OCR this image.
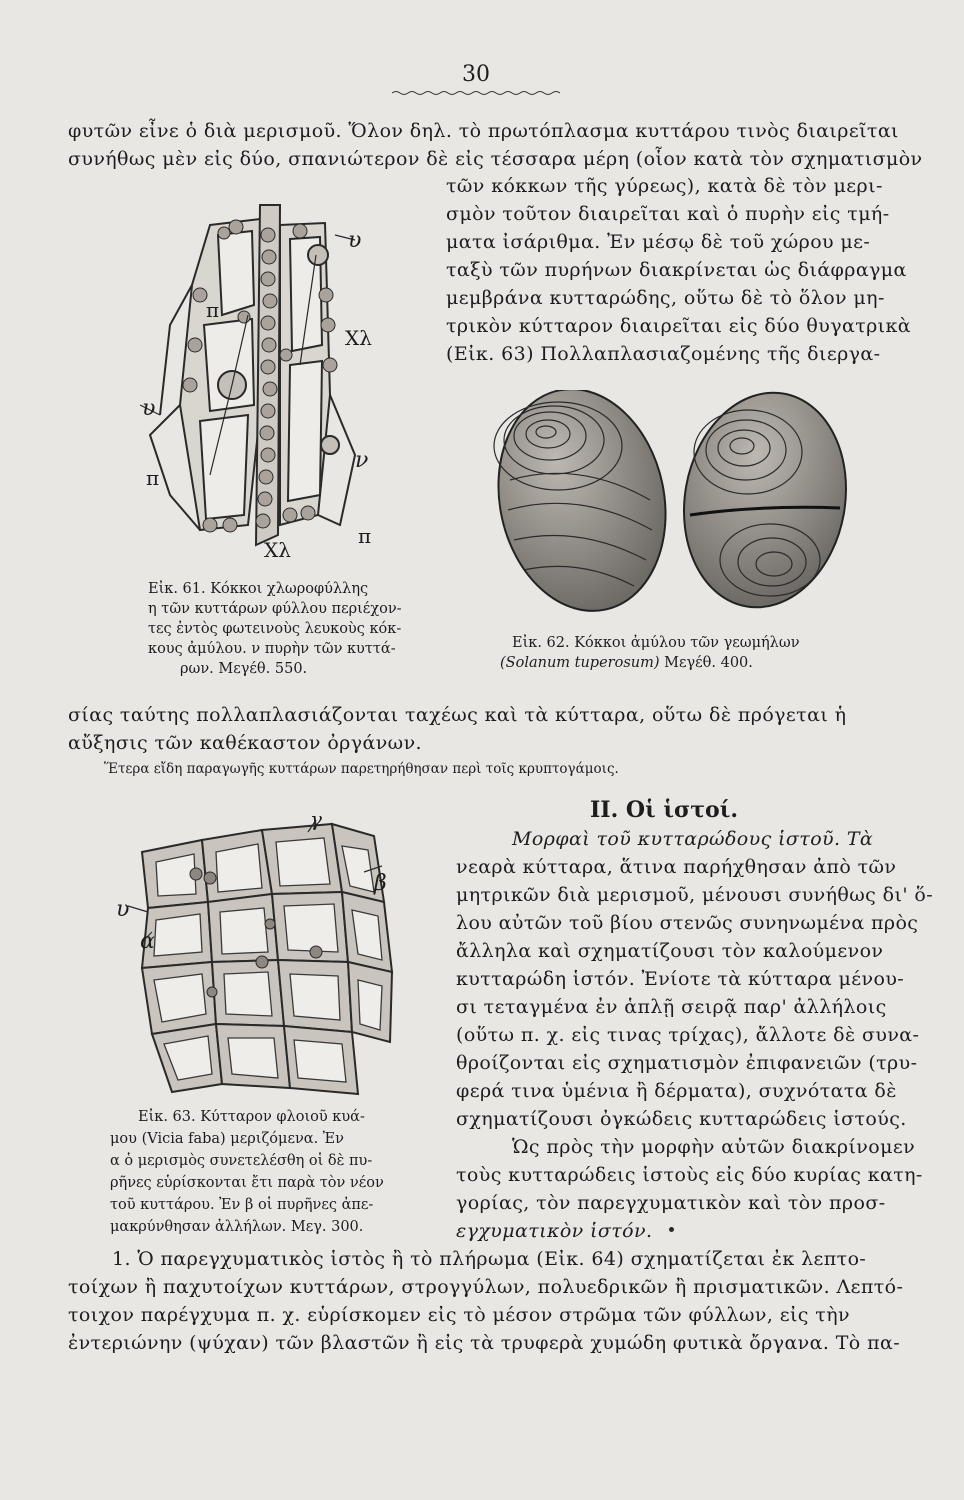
30
φυτῶν εἶνε ὁ διὰ μερισμοῦ. Ὅλον δηλ. τὸ πρωτόπλασμα κυττάρου τινὸς διαιρεῖται
συνήθως μὲν εἰς δύο, σπανιώτερον δὲ εἰς τέσσαρα μέρη (οἷον κατὰ τὸν σχηματισμὸν
τῶν κόκκων τῆς γύρεως), κατὰ δὲ τὸν μερι-
σμὸν τοῦτον διαιρεῖται καὶ ὁ πυρὴν εἰς τμή-
ματα ἰσάριθμα. Ἐν μέσῳ δὲ τοῦ χώρου με-
ταξὺ τῶν πυρήνων διακρίνεται ὡς διάφραγμα
μεμβράνα κυτταρώδης, οὕτω δὲ τὸ ὅλον μη-
τρικὸν κύτταρον διαιρεῖται εἰς δύο θυγατρικὰ
(Εἰκ. 63) Πολλαπλασιαζομένης τῆς διεργα-
υ
π
Χλ
υ
ν
π
Χλ
π
Εἰκ. 61. Κόκκοι χλωροφύλλης
η τῶν κυττάρων φύλλου περιέχον-
τες ἐντὸς φωτεινοὺς λευκοὺς κόκ-
κους ἀμύλου. ν πυρὴν τῶν κυττά-
ρων. Μεγέθ. 550.
Εἰκ. 62. Κόκκοι ἀμύλου τῶν γεωμήλων
(Solanum tuperosum) Μεγέθ. 400.
σίας ταύτης πολλαπλασιάζονται ταχέως καὶ τὰ κύτταρα, οὕτω δὲ πρόγεται ἡ
αὔξησις τῶν καθέκαστον ὀργάνων.
Ἕτερα εἴδη παραγωγῆς κυττάρων παρετηρήθησαν περὶ τοῖς κρυπτογάμοις.
ΙΙ. Οἱ ἱστοί.
γ
β
υ
α
Εἰκ. 63. Κύτταρον φλοιοῦ κυά-
μου (Vicia faba) μεριζόμενα. Ἐν
α ὁ μερισμὸς συνετελέσθη οἱ δὲ πυ-
ρῆνες εὑρίσκονται ἔτι παρὰ τὸν νέον
τοῦ κυττάρου. Ἐν β οἱ πυρῆνες ἀπε-
μακρύνθησαν ἀλλήλων. Μεγ. 300.
Μορφαὶ τοῦ κυτταρώδους ἱστοῦ. Τὰ
νεαρὰ κύτταρα, ἅτινα παρήχθησαν ἀπὸ τῶν
μητρικῶν διὰ μερισμοῦ, μένουσι συνήθως δι' ὅ-
λου αὐτῶν τοῦ βίου στενῶς συνηνωμένα πρὸς
ἄλληλα καὶ σχηματίζουσι τὸν καλούμενον
κυτταρώδη ἱστόν. Ἐνίοτε τὰ κύτταρα μένου-
σι τεταγμένα ἐν ἁπλῇ σειρᾷ παρ' ἀλλήλοις
(οὕτω π. χ. εἰς τινας τρίχας), ἄλλοτε δὲ συνα-
θροίζονται εἰς σχηματισμὸν ἐπιφανειῶν (τρυ-
φερά τινα ὑμένια ἢ δέρματα), συχνότατα δὲ
σχηματίζουσι ὀγκώδεις κυτταρώδεις ἱστούς.
Ὡς πρὸς τὴν μορφὴν αὐτῶν διακρίνομεν
τοὺς κυτταρώδεις ἱστοὺς εἰς δύο κυρίας κατη-
γορίας, τὸν παρεγχυματικὸν καὶ τὸν προσ-
εγχυματικὸν ἱστόν.
1. Ὁ παρεγχυματικὸς ἱστὸς ἢ τὸ πλήρωμα (Εἰκ. 64) σχηματίζεται ἐκ λεπτο-
τοίχων ἢ παχυτοίχων κυττάρων, στρογγύλων, πολυεδρικῶν ἢ πρισματικῶν. Λεπτό-
τοιχον παρέγχυμα π. χ. εὑρίσκομεν εἰς τὸ μέσον στρῶμα τῶν φύλλων, εἰς τὴν
ἐντεριώνην (ψύχαν) τῶν βλαστῶν ἢ εἰς τὰ τρυφερὰ χυμώδη φυτικὰ ὄργανα. Τὸ πα-
